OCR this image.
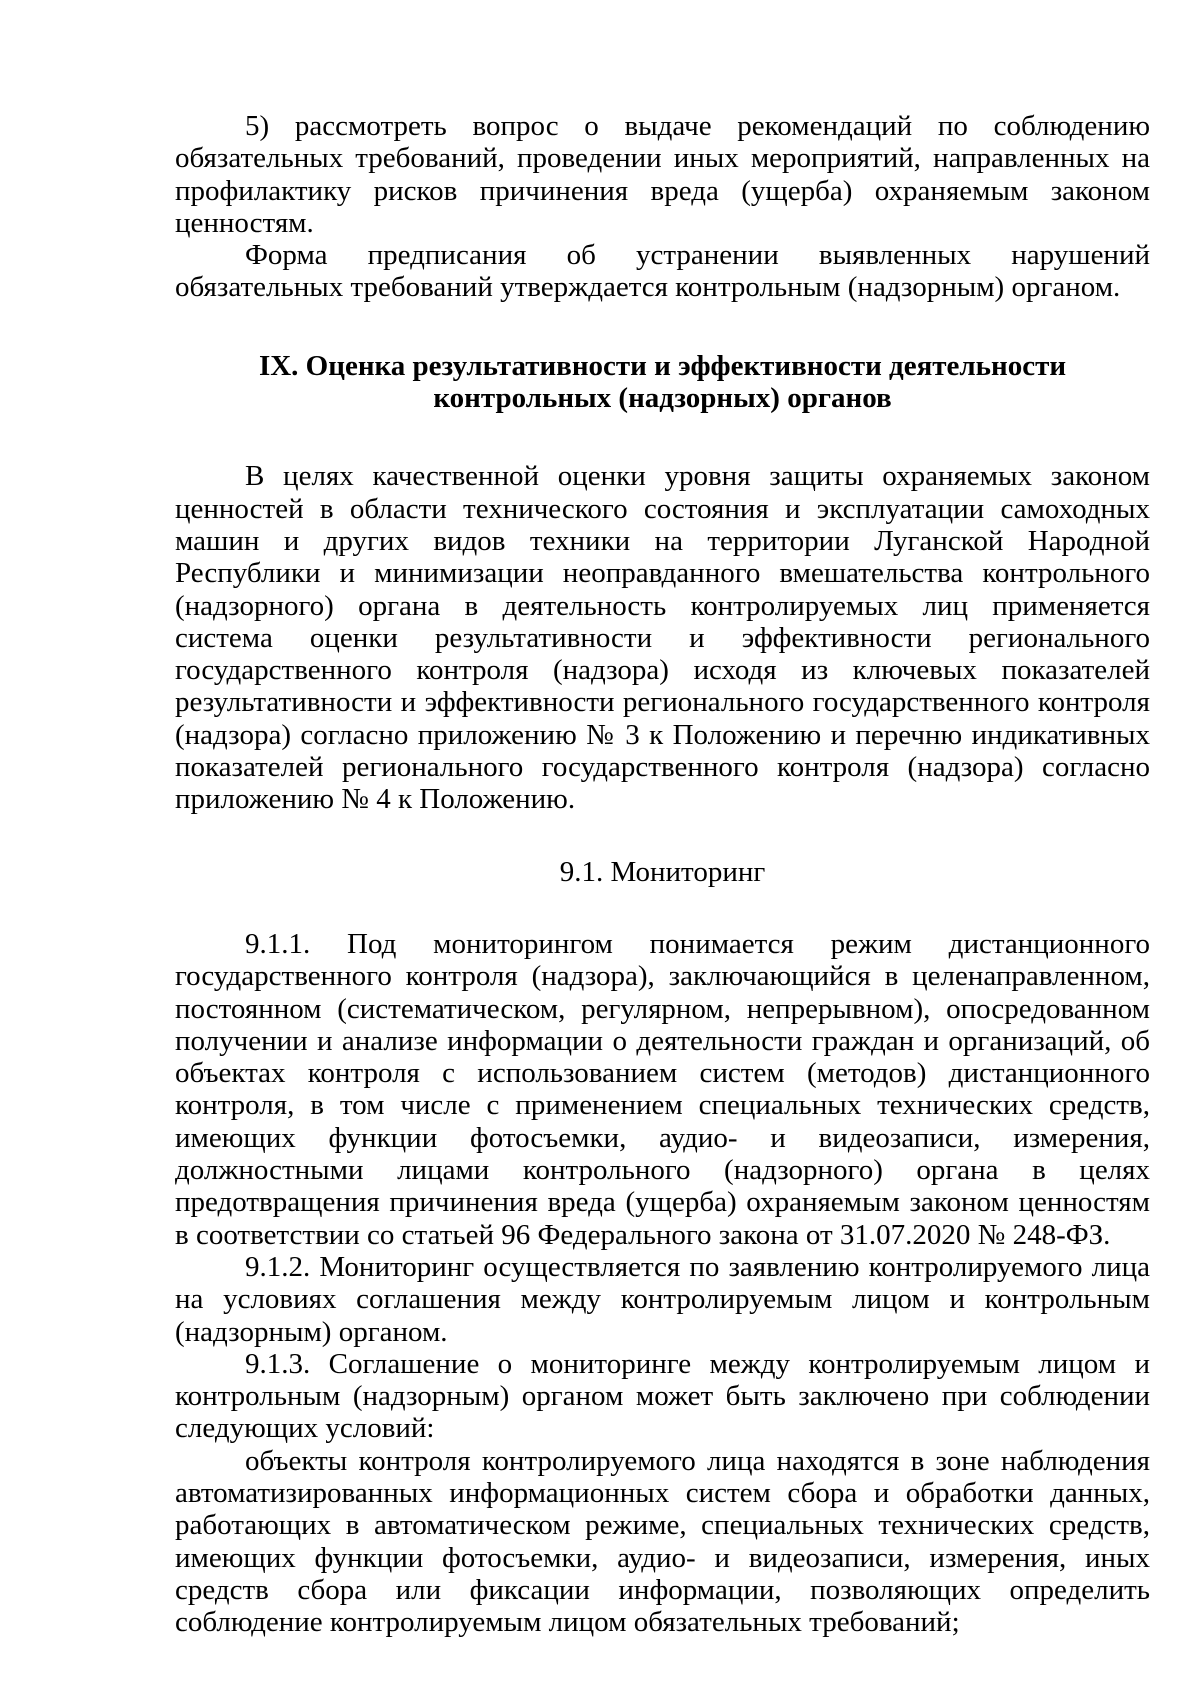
5) рассмотреть вопрос о выдаче рекомендаций по соблюдению обязательных требований, проведении иных мероприятий, направленных на профилактику рисков причинения вреда (ущерба) охраняемым законом ценностям.

Форма предписания об устранении выявленных нарушений обязательных требований утверждается контрольным (надзорным) органом.

IX. Оценка результативности и эффективности деятельности контрольных (надзорных) органов

В целях качественной оценки уровня защиты охраняемых законом ценностей в области технического состояния и эксплуатации самоходных машин и других видов техники на территории Луганской Народной Республики и минимизации неоправданного вмешательства контрольного (надзорного) органа в деятельность контролируемых лиц применяется система оценки результативности и эффективности регионального государственного контроля (надзора) исходя из ключевых показателей результативности и эффективности регионального государственного контроля (надзора) согласно приложению № 3 к Положению и перечню индикативных показателей регионального государственного контроля (надзора) согласно приложению № 4 к Положению.

9.1. Мониторинг

9.1.1. Под мониторингом понимается режим дистанционного государственного контроля (надзора), заключающийся в целенаправленном, постоянном (систематическом, регулярном, непрерывном), опосредованном получении и анализе информации о деятельности граждан и организаций, об объектах контроля с использованием систем (методов) дистанционного контроля, в том числе с применением специальных технических средств, имеющих функции фотосъемки, аудио- и видеозаписи, измерения, должностными лицами контрольного (надзорного) органа в целях предотвращения причинения вреда (ущерба) охраняемым законом ценностям в соответствии со статьей 96 Федерального закона от 31.07.2020 № 248-ФЗ.

9.1.2. Мониторинг осуществляется по заявлению контролируемого лица на условиях соглашения между контролируемым лицом и контрольным (надзорным) органом.

9.1.3. Соглашение о мониторинге между контролируемым лицом и контрольным (надзорным) органом может быть заключено при соблюдении следующих условий:

объекты контроля контролируемого лица находятся в зоне наблюдения автоматизированных информационных систем сбора и обработки данных, работающих в автоматическом режиме, специальных технических средств, имеющих функции фотосъемки, аудио- и видеозаписи, измерения, иных средств сбора или фиксации информации, позволяющих определить соблюдение контролируемым лицом обязательных требований;
